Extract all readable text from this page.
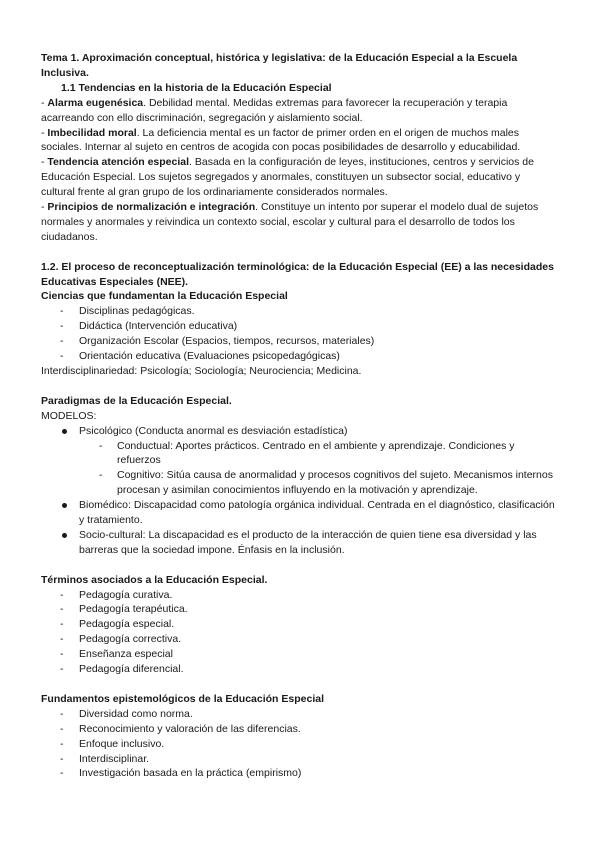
Tema 1. Aproximación conceptual, histórica y legislativa: de la Educación Especial a la Escuela Inclusiva.

1.1 Tendencias en la historia de la Educación Especial

- Alarma eugenésica. Debilidad mental. Medidas extremas para favorecer la recuperación y terapia acarreando con ello discriminación, segregación y aislamiento social.

- Imbecilidad moral. La deficiencia mental es un factor de primer orden en el origen de muchos males sociales. Internar al sujeto en centros de acogida con pocas posibilidades de desarrollo y educabilidad.

- Tendencia atención especial. Basada en la configuración de leyes, instituciones, centros y servicios de Educación Especial. Los sujetos segregados y anormales, constituyen un subsector social, educativo y cultural frente al gran grupo de los ordinariamente considerados normales.

- Principios de normalización e integración. Constituye un intento por superar el modelo dual de sujetos normales y anormales y reivindica un contexto social, escolar y cultural para el desarrollo de todos los ciudadanos.

1.2. El proceso de reconceptualización terminológica: de la Educación Especial (EE) a las necesidades Educativas Especiales (NEE).

Ciencias que fundamentan la Educación Especial

- Disciplinas pedagógicas.
- Didáctica (Intervención educativa)
- Organización Escolar (Espacios, tiempos, recursos, materiales)
- Orientación educativa (Evaluaciones psicopedagógicas)

Interdisciplinariedad: Psicología; Sociología; Neurociencia; Medicina.

Paradigmas de la Educación Especial.

MODELOS:

Psicológico (Conducta anormal es desviación estadística)
- Conductual: Aportes prácticos. Centrado en el ambiente y aprendizaje. Condiciones y refuerzos
- Cognitivo: Sitúa causa de anormalidad y procesos cognitivos del sujeto. Mecanismos internos procesan y asimilan conocimientos influyendo en la motivación y aprendizaje.
Biomédico: Discapacidad como patología orgánica individual. Centrada en el diagnóstico, clasificación y tratamiento.
Socio-cultural: La discapacidad es el producto de la interacción de quien tiene esa diversidad y las barreras que la sociedad impone. Énfasis en la inclusión.

Términos asociados a la Educación Especial.

- Pedagogía curativa.
- Pedagogía terapéutica.
- Pedagogía especial.
- Pedagogía correctiva.
- Enseñanza especial
- Pedagogía diferencial.

Fundamentos epistemológicos de la Educación Especial

- Diversidad como norma.
- Reconocimiento y valoración de las diferencias.
- Enfoque inclusivo.
- Interdisciplinar.
- Investigación basada en la práctica (empirismo)
